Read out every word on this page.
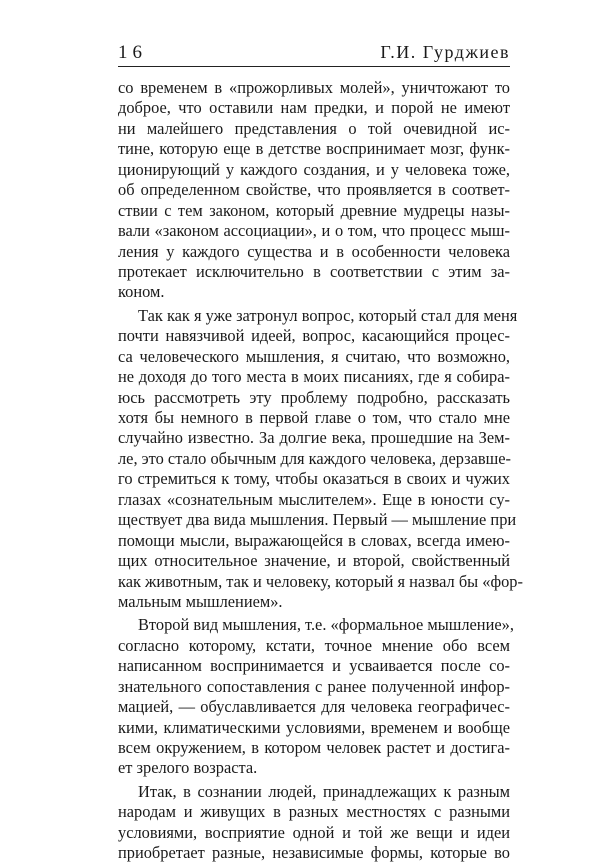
16	Г.И. Гурджиев

со временем в «прожорливых молей», уничтожают то
доброе, что оставили нам предки, и порой не имеют
ни малейшего представления о той очевидной ис-
тине, которую еще в детстве воспринимает мозг, функ-
ционирующий у каждого создания, и у человека тоже,
об определенном свойстве, что проявляется в соответ-
ствии с тем законом, который древние мудрецы назы-
вали «законом ассоциации», и о том, что процесс мыш-
ления у каждого существа и в особенности человека
протекает исключительно в соответствии с этим за-
коном.

Так как я уже затронул вопрос, который стал для меня
почти навязчивой идеей, вопрос, касающийся процес-
са человеческого мышления, я считаю, что возможно,
не доходя до того места в моих писаниях, где я собира-
юсь рассмотреть эту проблему подробно, рассказать
хотя бы немного в первой главе о том, что стало мне
случайно известно. За долгие века, прошедшие на Зем-
ле, это стало обычным для каждого человека, дерзавше-
го стремиться к тому, чтобы оказаться в своих и чужих
глазах «сознательным мыслителем». Еще в юности су-
ществует два вида мышления. Первый — мышление при
помощи мысли, выражающейся в словах, всегда имею-
щих относительное значение, и второй, свойственный
как животным, так и человеку, который я назвал бы «фор-
мальным мышлением».

Второй вид мышления, т.е. «формальное мышление»,
согласно которому, кстати, точное мнение обо всем
написанном воспринимается и усваивается после со-
знательного сопоставления с ранее полученной инфор-
мацией, — обуславливается для человека географичес-
кими, климатическими условиями, временем и вообще
всем окружением, в котором человек растет и достига-
ет зрелого возраста.

Итак, в сознании людей, принадлежащих к разным
народам и живущих в разных местностях с разными
условиями, восприятие одной и той же вещи и идеи
приобретает разные, независимые формы, которые во
